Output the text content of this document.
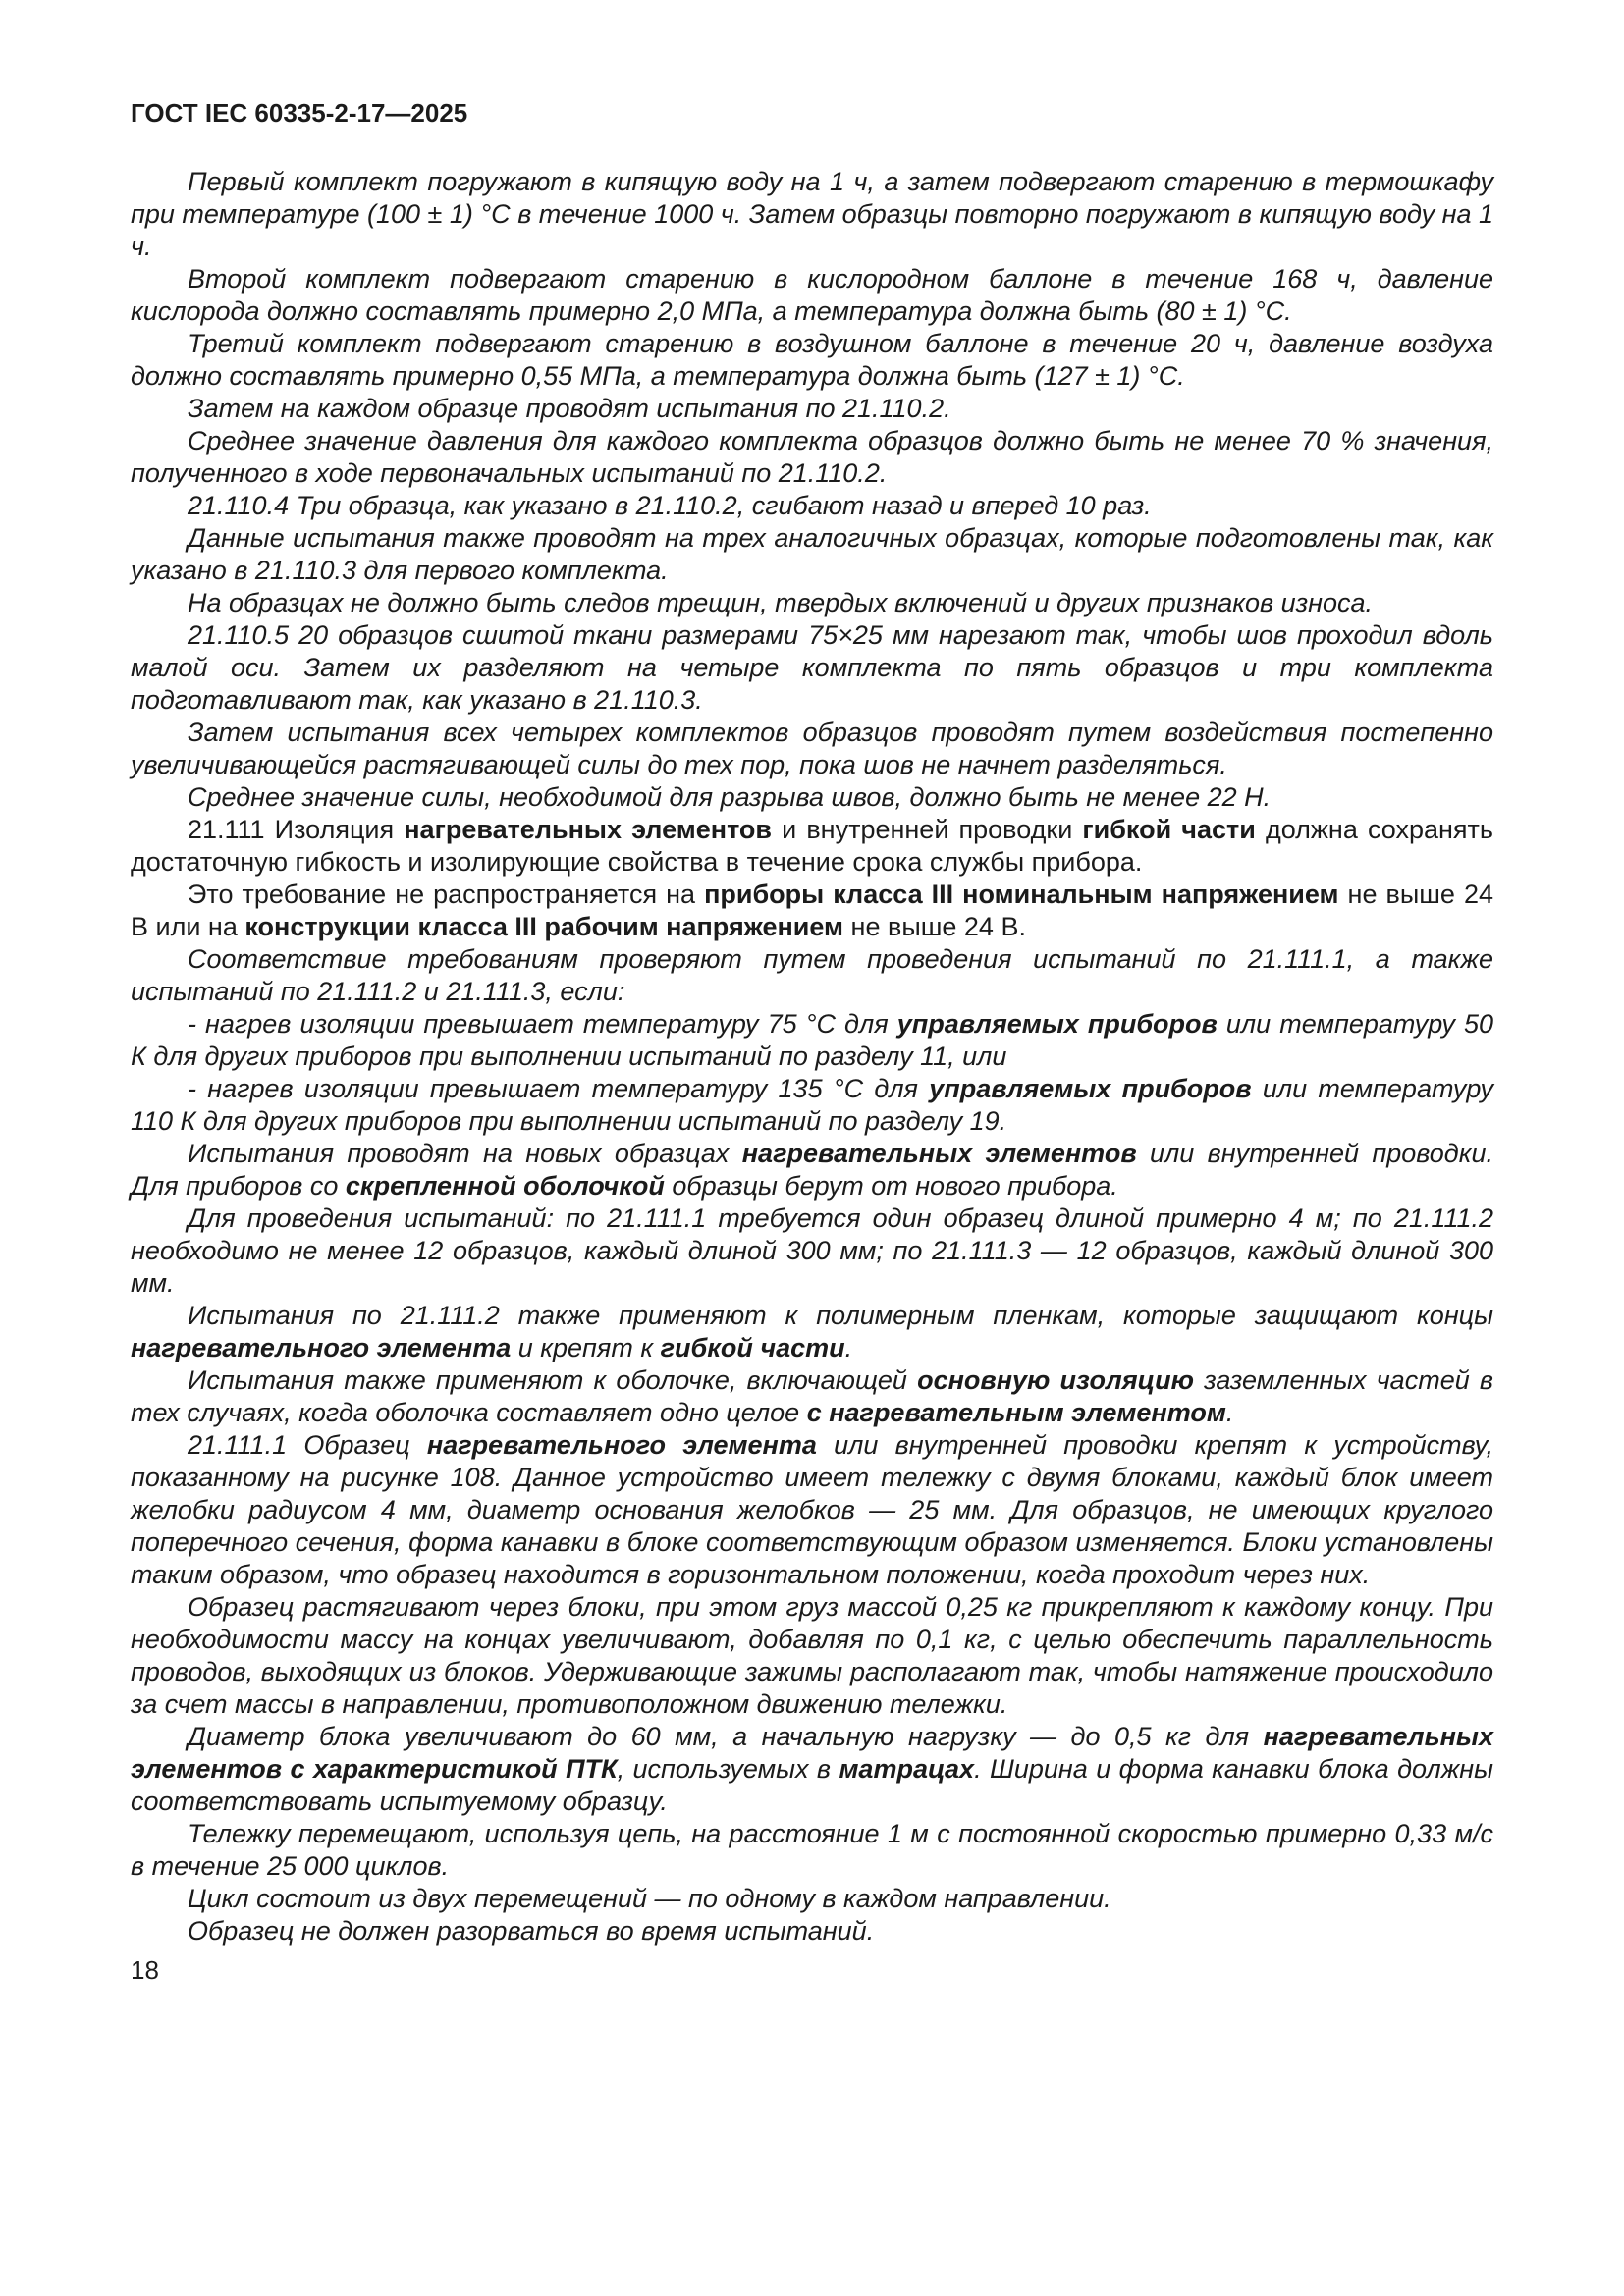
ГОСТ IEC 60335-2-17—2025

Первый комплект погружают в кипящую воду на 1 ч, а затем подвергают старению в термошкафу при температуре (100 ± 1) °С в течение 1000 ч. Затем образцы повторно погружают в кипящую воду на 1 ч.

Второй комплект подвергают старению в кислородном баллоне в течение 168 ч, давление кислорода должно составлять примерно 2,0 МПа, а температура должна быть (80 ± 1) °С.

Третий комплект подвергают старению в воздушном баллоне в течение 20 ч, давление воздуха должно составлять примерно 0,55 МПа, а температура должна быть (127 ± 1) °С.

Затем на каждом образце проводят испытания по 21.110.2.

Среднее значение давления для каждого комплекта образцов должно быть не менее 70 % значения, полученного в ходе первоначальных испытаний по 21.110.2.

21.110.4 Три образца, как указано в 21.110.2, сгибают назад и вперед 10 раз.

Данные испытания также проводят на трех аналогичных образцах, которые подготовлены так, как указано в 21.110.3 для первого комплекта.

На образцах не должно быть следов трещин, твердых включений и других признаков износа.

21.110.5 20 образцов сшитой ткани размерами 75×25 мм нарезают так, чтобы шов проходил вдоль малой оси. Затем их разделяют на четыре комплекта по пять образцов и три комплекта подготавливают так, как указано в 21.110.3.

Затем испытания всех четырех комплектов образцов проводят путем воздействия постепенно увеличивающейся растягивающей силы до тех пор, пока шов не начнет разделяться.

Среднее значение силы, необходимой для разрыва швов, должно быть не менее 22 Н.

21.111 Изоляция нагревательных элементов и внутренней проводки гибкой части должна сохранять достаточную гибкость и изолирующие свойства в течение срока службы прибора.

Это требование не распространяется на приборы класса III номинальным напряжением не выше 24 В или на конструкции класса III рабочим напряжением не выше 24 В.

Соответствие требованиям проверяют путем проведения испытаний по 21.111.1, а также испытаний по 21.111.2 и 21.111.3, если:

- нагрев изоляции превышает температуру 75 °С для управляемых приборов или температуру 50 К для других приборов при выполнении испытаний по разделу 11, или

- нагрев изоляции превышает температуру 135 °С для управляемых приборов или температуру 110 К для других приборов при выполнении испытаний по разделу 19.

Испытания проводят на новых образцах нагревательных элементов или внутренней проводки. Для приборов со скрепленной оболочкой образцы берут от нового прибора.

Для проведения испытаний: по 21.111.1 требуется один образец длиной примерно 4 м; по 21.111.2 необходимо не менее 12 образцов, каждый длиной 300 мм; по 21.111.3 — 12 образцов, каждый длиной 300 мм.

Испытания по 21.111.2 также применяют к полимерным пленкам, которые защищают концы нагревательного элемента и крепят к гибкой части.

Испытания также применяют к оболочке, включающей основную изоляцию заземленных частей в тех случаях, когда оболочка составляет одно целое с нагревательным элементом.

21.111.1 Образец нагревательного элемента или внутренней проводки крепят к устройству, показанному на рисунке 108. Данное устройство имеет тележку с двумя блоками, каждый блок имеет желобки радиусом 4 мм, диаметр основания желобков — 25 мм. Для образцов, не имеющих круглого поперечного сечения, форма канавки в блоке соответствующим образом изменяется. Блоки установлены таким образом, что образец находится в горизонтальном положении, когда проходит через них.

Образец растягивают через блоки, при этом груз массой 0,25 кг прикрепляют к каждому концу. При необходимости массу на концах увеличивают, добавляя по 0,1 кг, с целью обеспечить параллельность проводов, выходящих из блоков. Удерживающие зажимы располагают так, чтобы натяжение происходило за счет массы в направлении, противоположном движению тележки.

Диаметр блока увеличивают до 60 мм, а начальную нагрузку — до 0,5 кг для нагревательных элементов с характеристикой ПТК, используемых в матрацах. Ширина и форма канавки блока должны соответствовать испытуемому образцу.

Тележку перемещают, используя цепь, на расстояние 1 м с постоянной скоростью примерно 0,33 м/с в течение 25 000 циклов.

Цикл состоит из двух перемещений — по одному в каждом направлении.

Образец не должен разорваться во время испытаний.

18
